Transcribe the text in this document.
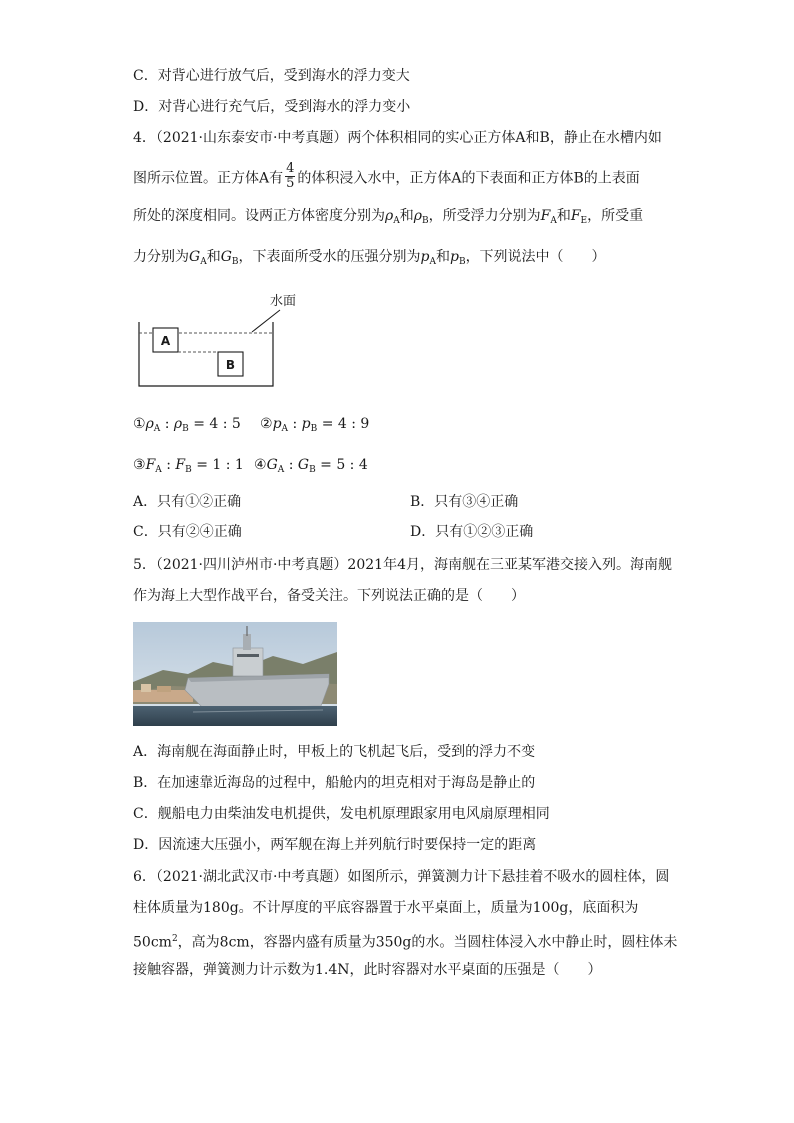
C．对背心进行放气后，受到海水的浮力变大
D．对背心进行充气后，受到海水的浮力变小
4．（2021·山东泰安市·中考真题）两个体积相同的实心正方体A和B，静止在水槽内如
图所示位置。正方体A有 $\frac{4}{5}$ 的体积浸入水中，正方体A的下表面和正方体B的上表面
所处的深度相同。设两正方体密度分别为$\rho_A$和$\rho_B$，所受浮力分别为$F_A$和$F_E$，所受重
力分别为$G_A$和$G_B$，下表面所受水的压强分别为$p_A$和$p_B$，下列说法中（　　）
水面
A
B
$①\rho_A$ : $\rho_B = 4$ : 5 $②p_A$ : $p_B = 4$ : 9
$③F_A$ : $F_B = 1$ : 1 $④G_A$ : $G_B = 5$ : 4
A．只有①②正确	B．只有③④正确
C．只有②④正确	D．只有①②③正确
5．（2021·四川泸州市·中考真题）2021年4月，海南舰在三亚某军港交接入列。海南舰
作为海上大型作战平台，备受关注。下列说法正确的是（　　）
A．海南舰在海面静止时，甲板上的飞机起飞后，受到的浮力不变
B．在加速靠近海岛的过程中，船舱内的坦克相对于海岛是静止的
C．舰船电力由柴油发电机提供，发电机原理跟家用电风扇原理相同
D．因流速大压强小，两军舰在海上并列航行时要保持一定的距离
6．（2021·湖北武汉市·中考真题）如图所示，弹簧测力计下悬挂着不吸水的圆柱体，圆
柱体质量为180g。不计厚度的平底容器置于水平桌面上，质量为100g，底面积为
$50cm^2$，高为8cm，容器内盛有质量为350g的水。当圆柱体浸入水中静止时，圆柱体未
接触容器，弹簧测力计示数为1.4N，此时容器对水平桌面的压强是（　　）
